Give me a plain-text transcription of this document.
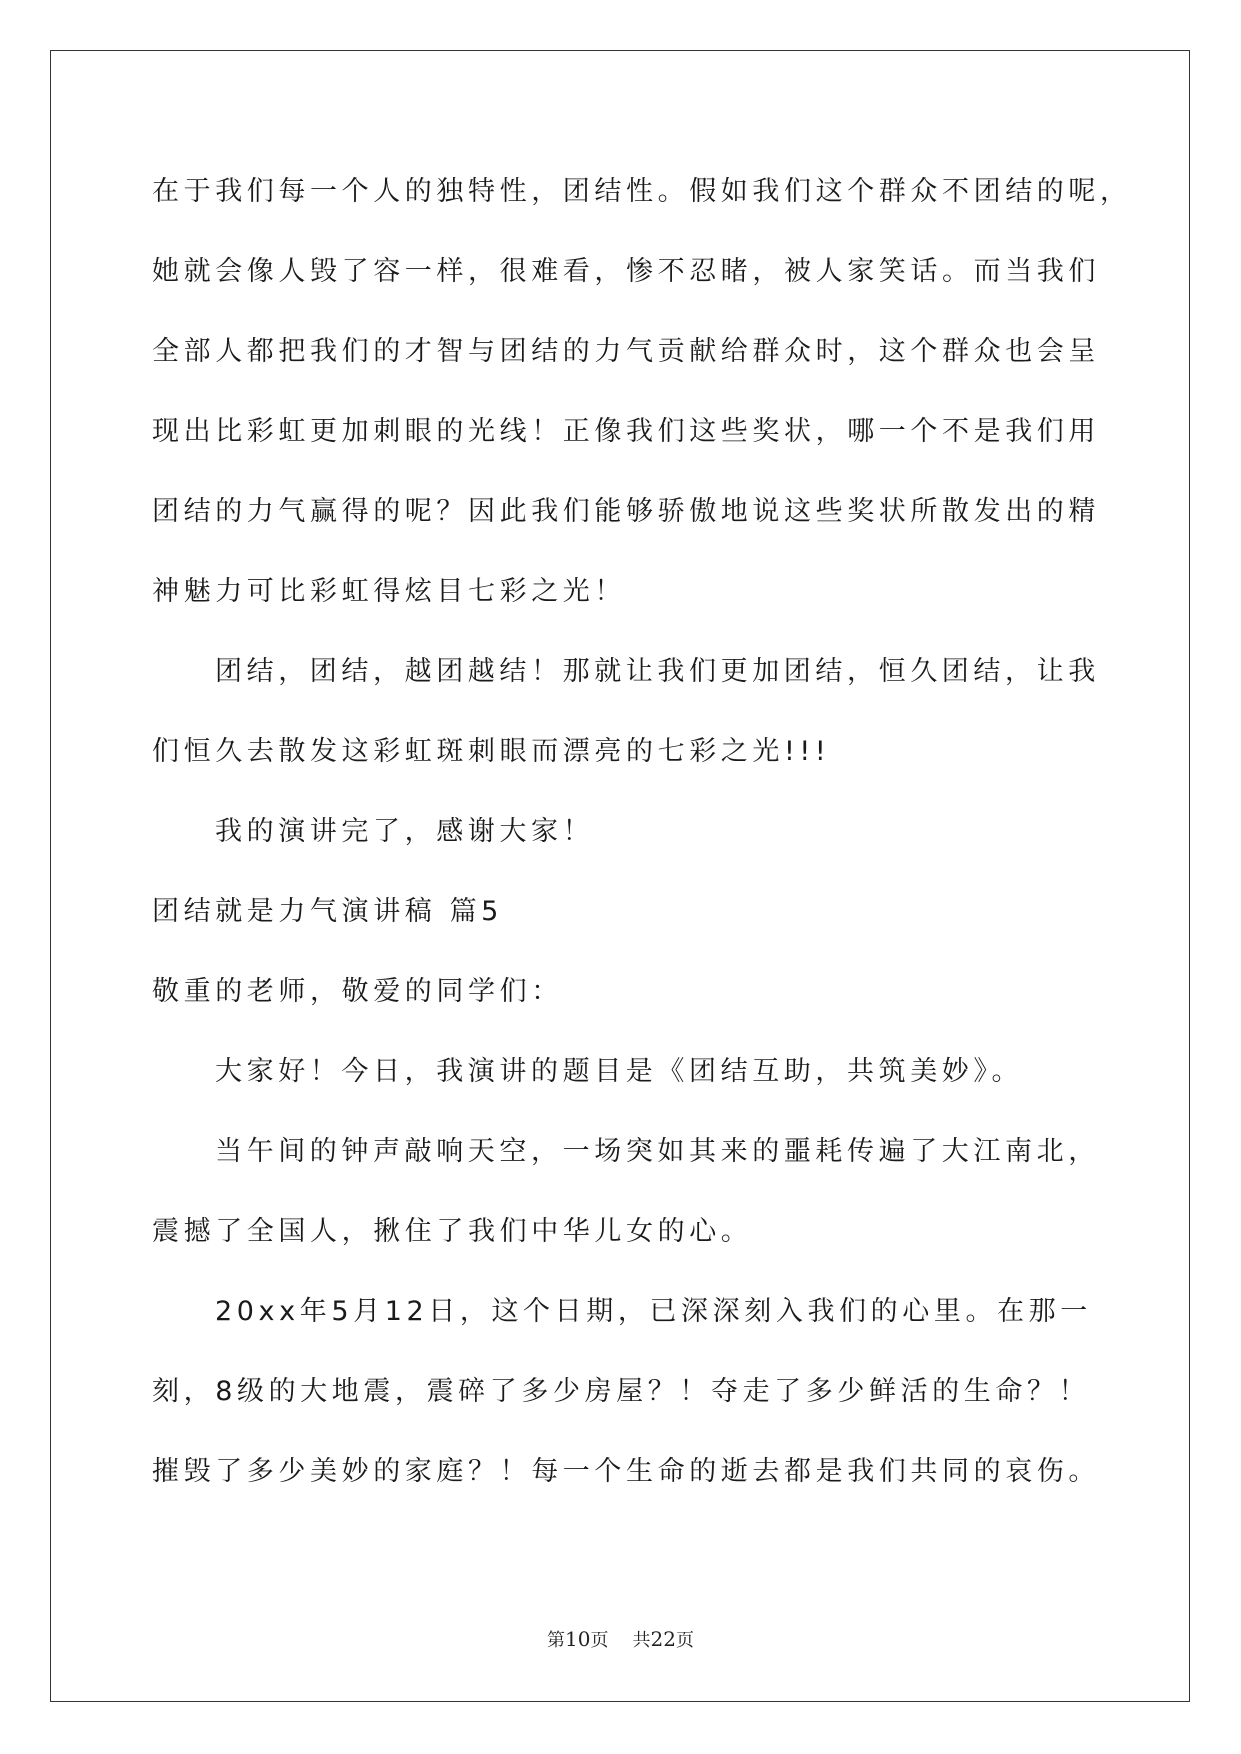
在于我们每一个人的独特性，团结性。假如我们这个群众不团结的呢，
她就会像人毁了容一样，很难看，惨不忍睹，被人家笑话。而当我们
全部人都把我们的才智与团结的力气贡献给群众时，这个群众也会呈
现出比彩虹更加刺眼的光线！正像我们这些奖状，哪一个不是我们用
团结的力气赢得的呢？因此我们能够骄傲地说这些奖状所散发出的精
神魅力可比彩虹得炫目七彩之光！
团结，团结，越团越结！那就让我们更加团结，恒久团结，让我
们恒久去散发这彩虹斑刺眼而漂亮的七彩之光!!!
我的演讲完了，感谢大家！
团结就是力气演讲稿 篇5
敬重的老师，敬爱的同学们：
大家好！今日，我演讲的题目是《团结互助，共筑美妙》。
当午间的钟声敲响天空，一场突如其来的噩耗传遍了大江南北，
震撼了全国人，揪住了我们中华儿女的心。
20xx年5月12日，这个日期，已深深刻入我们的心里。在那一
刻，8级的大地震，震碎了多少房屋？！夺走了多少鲜活的生命？！
摧毁了多少美妙的家庭？！每一个生命的逝去都是我们共同的哀伤。
第10页 共22页
